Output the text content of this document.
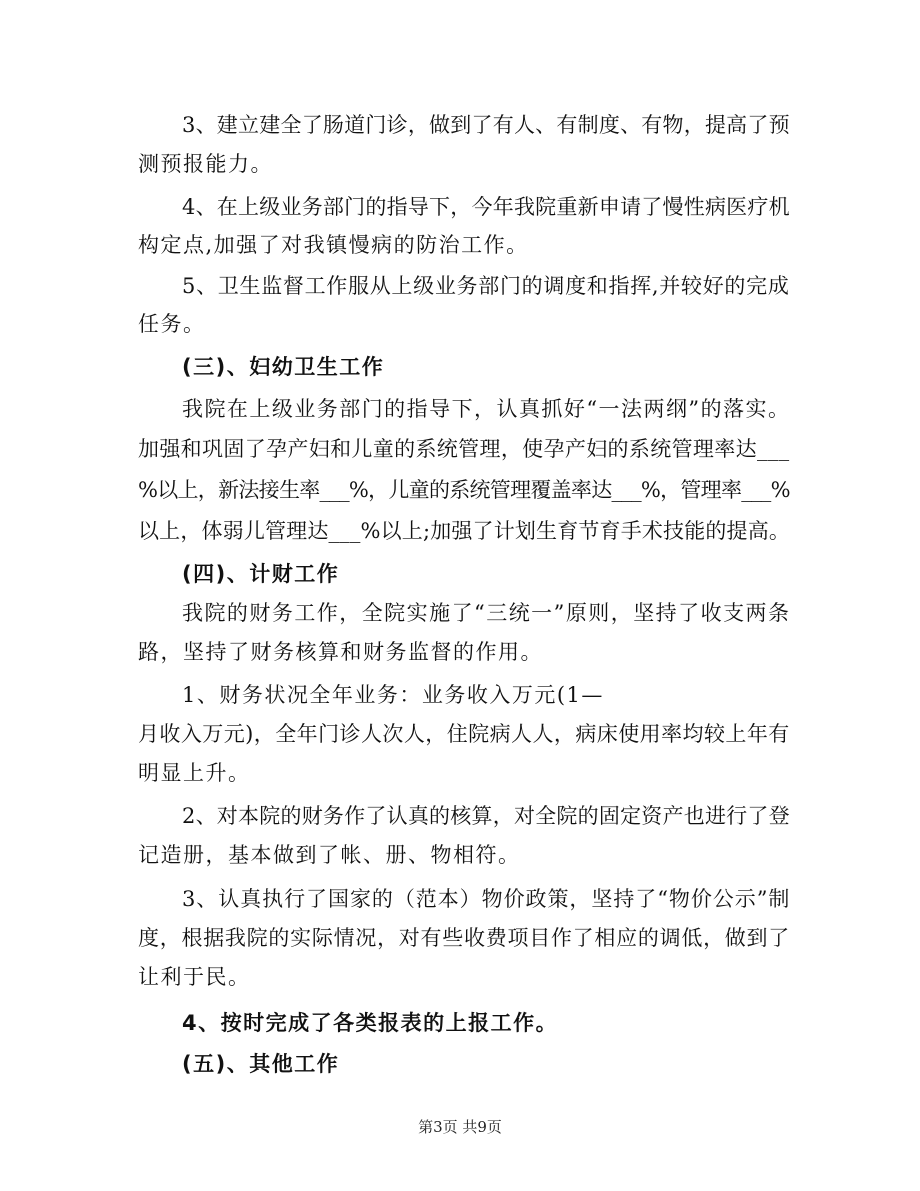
3、建立建全了肠道门诊，做到了有人、有制度、有物，提高了预
测预报能力。
4、在上级业务部门的指导下，今年我院重新申请了慢性病医疗机
构定点,加强了对我镇慢病的防治工作。
5、卫生监督工作服从上级业务部门的调度和指挥,并较好的完成
任务。
(三)、妇幼卫生工作
我院在上级业务部门的指导下，认真抓好“一法两纲”的落实。
加强和巩固了孕产妇和儿童的系统管理，使孕产妇的系统管理率达___
%以上，新法接生率___%，儿童的系统管理覆盖率达___%，管理率___%
以上，体弱儿管理达___%以上;加强了计划生育节育手术技能的提高。
(四)、计财工作
我院的财务工作，全院实施了“三统一”原则，坚持了收支两条
路，坚持了财务核算和财务监督的作用。
1、财务状况全年业务：业务收入万元(1—
月收入万元)，全年门诊人次人，住院病人人，病床使用率均较上年有
明显上升。
2、对本院的财务作了认真的核算，对全院的固定资产也进行了登
记造册，基本做到了帐、册、物相符。
3、认真执行了国家的（范本）物价政策，坚持了“物价公示”制
度，根据我院的实际情况，对有些收费项目作了相应的调低，做到了
让利于民。
4、按时完成了各类报表的上报工作。
(五)、其他工作
第3页 共9页
